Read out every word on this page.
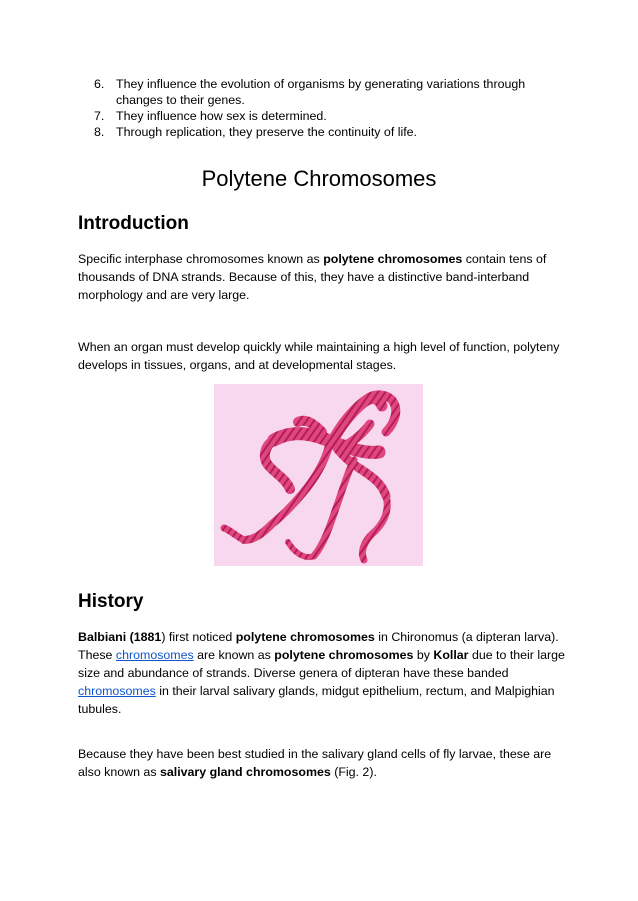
6. They influence the evolution of organisms by generating variations through changes to their genes.
7. They influence how sex is determined.
8. Through replication, they preserve the continuity of life.
Polytene Chromosomes
Introduction

Specific interphase chromosomes known as polytene chromosomes contain tens of thousands of DNA strands. Because of this, they have a distinctive band-interband morphology and are very large.

When an organ must develop quickly while maintaining a high level of function, polyteny develops in tissues, organs, and at developmental stages.

History

Balbiani (1881) first noticed polytene chromosomes in Chironomus (a dipteran larva). These chromosomes are known as polytene chromosomes by Kollar due to their large size and abundance of strands. Diverse genera of dipteran have these banded chromosomes in their larval salivary glands, midgut epithelium, rectum, and Malpighian tubules.

Because they have been best studied in the salivary gland cells of fly larvae, these are also known as salivary gland chromosomes (Fig. 2).
